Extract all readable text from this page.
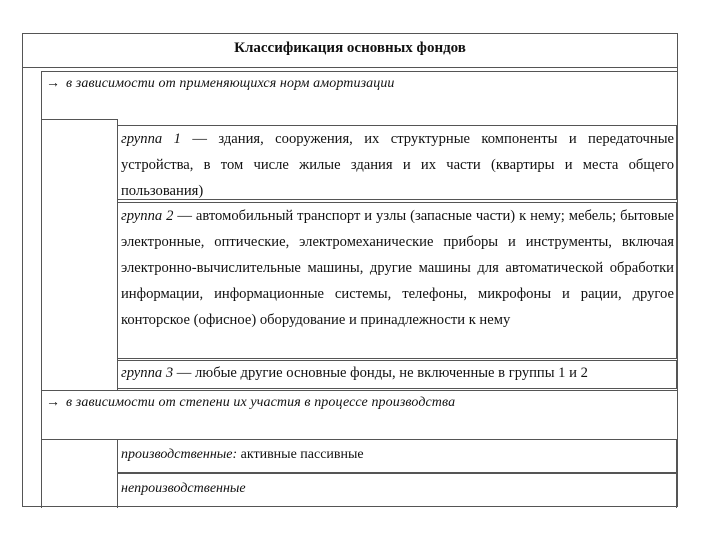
Классификация основных фондов
→ в зависимости от применяющихся норм амортизации
группа 1 — здания, сооружения, их структурные компоненты и передаточные устройства, в том числе жилые здания и их части (квартиры и места общего пользования)
группа 2 — автомобильный транспорт и узлы (запасные части) к нему; мебель; бытовые электронные, оптические, электромеханические приборы и инструменты, включая электронно-вычислительные машины, другие машины для автоматической обработки информации, информационные системы, телефоны, микрофоны и рации, другое конторское (офисное) оборудование и принадлежности к нему
группа 3 — любые другие основные фонды, не включенные в группы 1 и 2
→ в зависимости от степени их участия в процессе производства
производственные: активные пассивные
непроизводственные
